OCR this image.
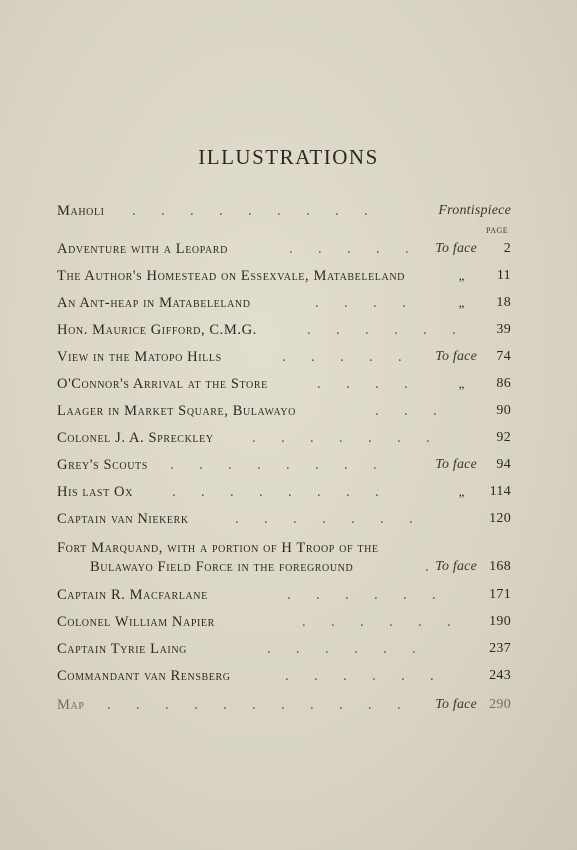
ILLUSTRATIONS
PAGE
Maholi .       .       .       .       .       .       .       .       .	Frontispiece
Adventure with a Leopard	.       .       .       .       .	To face 2
The Author's Homestead on Essexvale, Matabeleland	„ 11
An Ant-heap in Matabeleland	.       .       .       .	„ 18
Hon. Maurice Gifford, C.M.G.	.       .       .       .       .       .	39
View in the Matopo Hills	.       .       .       .       .	To face 74
O'Connor's Arrival at the Store	.       .       .       .	„ 86
Laager in Market Square, Bulawayo	.       .       .	90
Colonel J. A. Spreckley	.       .       .       .       .       .       .	92
Grey's Scouts .       .       .       .       .       .       .       .	To face 94
His last Ox	.       .       .       .       .       .       .       .	„ 114
Captain van Niekerk	.       .       .       .       .       .       .	120
Fort Marquand, with a portion of H Troop of the
Bulawayo Field Force in the foreground	. To face 168
Captain R. Macfarlane	.       .       .       .       .       .	171
Colonel William Napier	.       .       .       .       .       .	190
Captain Tyrie Laing	.       .       .       .       .       .	237
Commandant van Rensberg	.       .       .       .       .       .	243
Map .       .       .       .       .       .       .       .       .       .       .	To face 290
